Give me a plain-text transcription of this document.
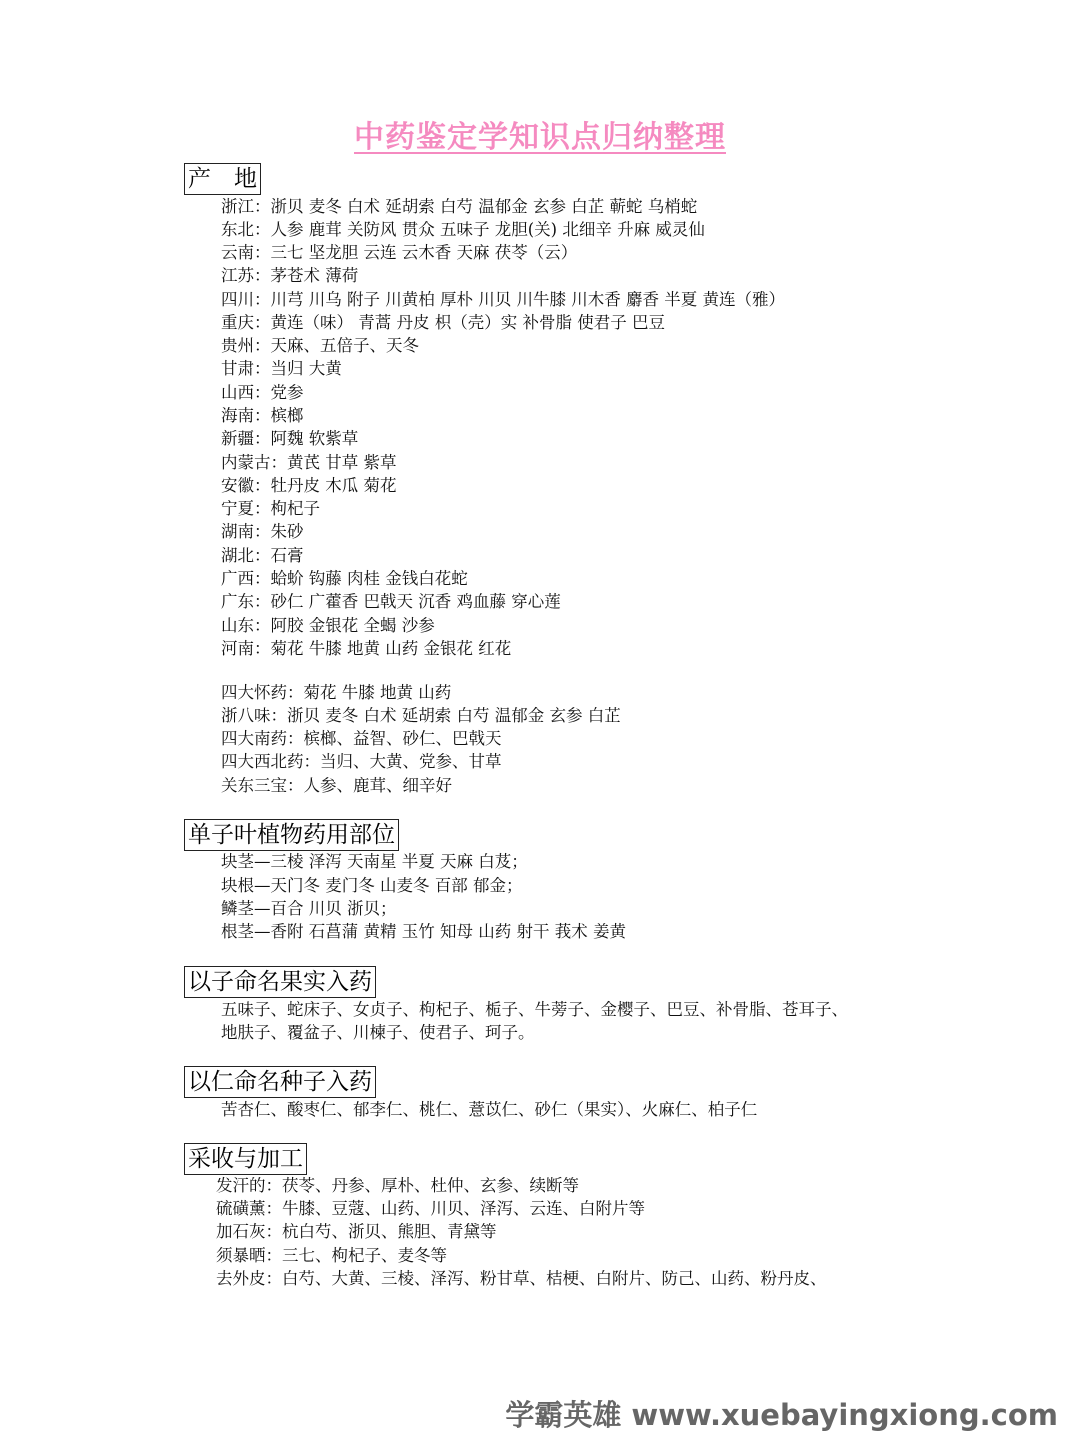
中药鉴定学知识点归纳整理
产　地
浙江：浙贝 麦冬 白术 延胡索 白芍 温郁金 玄参 白芷 蕲蛇 乌梢蛇
东北：人参 鹿茸 关防风 贯众 五味子 龙胆(关) 北细辛 升麻 威灵仙
云南：三七 坚龙胆 云连 云木香 天麻 茯苓（云）
江苏：茅苍术 薄荷
四川：川芎 川乌 附子 川黄柏 厚朴 川贝 川牛膝 川木香 麝香 半夏 黄连（雅）
重庆：黄连（味） 青蒿 丹皮 枳（壳）实 补骨脂 使君子 巴豆
贵州：天麻、五倍子、天冬
甘肃：当归 大黄
山西：党参
海南：槟榔
新疆：阿魏 软紫草
内蒙古：黄芪 甘草 紫草
安徽：牡丹皮 木瓜 菊花
宁夏：枸杞子
湖南：朱砂
湖北：石膏
广西：蛤蚧 钩藤 肉桂 金钱白花蛇
广东：砂仁 广藿香 巴戟天 沉香 鸡血藤 穿心莲
山东：阿胶 金银花 全蝎 沙参
河南：菊花 牛膝 地黄 山药 金银花 红花
四大怀药：菊花 牛膝 地黄 山药
浙八味：浙贝 麦冬 白术 延胡索 白芍 温郁金 玄参 白芷
四大南药：槟榔、益智、砂仁、巴戟天
四大西北药：当归、大黄、党参、甘草
关东三宝：人参、鹿茸、细辛好
单子叶植物药用部位
块茎—三棱 泽泻 天南星 半夏 天麻 白芨；
块根—天门冬 麦门冬 山麦冬 百部 郁金；
鳞茎—百合 川贝 浙贝；
根茎—香附 石菖蒲 黄精 玉竹 知母 山药 射干 莪术 姜黄
以子命名果实入药
五味子、蛇床子、女贞子、枸杞子、栀子、牛蒡子、金樱子、巴豆、补骨脂、苍耳子、
地肤子、覆盆子、川楝子、使君子、珂子。
以仁命名种子入药
苦杏仁、酸枣仁、郁李仁、桃仁、薏苡仁、砂仁（果实）、火麻仁、柏子仁
采收与加工
发汗的：茯苓、丹参、厚朴、杜仲、玄参、续断等
硫磺薰：牛膝、豆蔻、山药、川贝、泽泻、云连、白附片等
加石灰：杭白芍、浙贝、熊胆、青黛等
须暴晒：三七、枸杞子、麦冬等
去外皮：白芍、大黄、三棱、泽泻、粉甘草、桔梗、白附片、防己、山药、粉丹皮、
学霸英雄 www.xuebayingxiong.com
